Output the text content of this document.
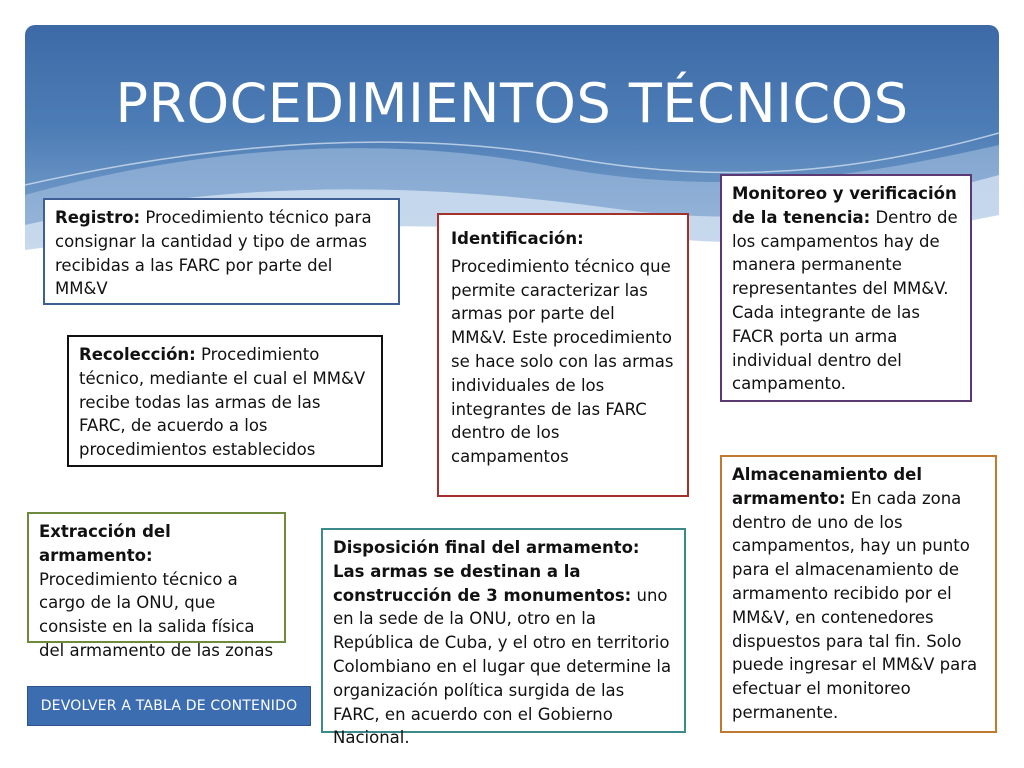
PROCEDIMIENTOS TÉCNICOS
Registro: Procedimiento técnico para consignar la cantidad y tipo de armas recibidas a las FARC por parte del MM&V
Recolección: Procedimiento técnico, mediante el cual el MM&V recibe todas las armas de las FARC, de acuerdo a los procedimientos establecidos
Identificación:
Procedimiento técnico que permite caracterizar las armas por parte del MM&V. Este procedimiento se hace solo con las armas individuales de los integrantes de las FARC dentro de los campamentos
Monitoreo y verificación de la tenencia: Dentro de los campamentos hay de manera permanente representantes del MM&V. Cada integrante de las FACR porta un arma individual dentro del campamento.
Extracción del armamento: Procedimiento técnico a cargo de la ONU, que consiste en la salida física del armamento de las zonas
Disposición final del armamento: Las armas se destinan a la construcción de 3 monumentos: uno en la sede de la ONU, otro en la República de Cuba, y el otro en territorio Colombiano en el lugar que determine la organización política surgida de las FARC, en acuerdo con el Gobierno Nacional.
Almacenamiento del armamento: En cada zona dentro de uno de los campamentos, hay un punto para el almacenamiento de armamento recibido por el MM&V, en contenedores dispuestos para tal fin. Solo puede ingresar el MM&V para efectuar el monitoreo permanente.
DEVOLVER A TABLA DE CONTENIDO
